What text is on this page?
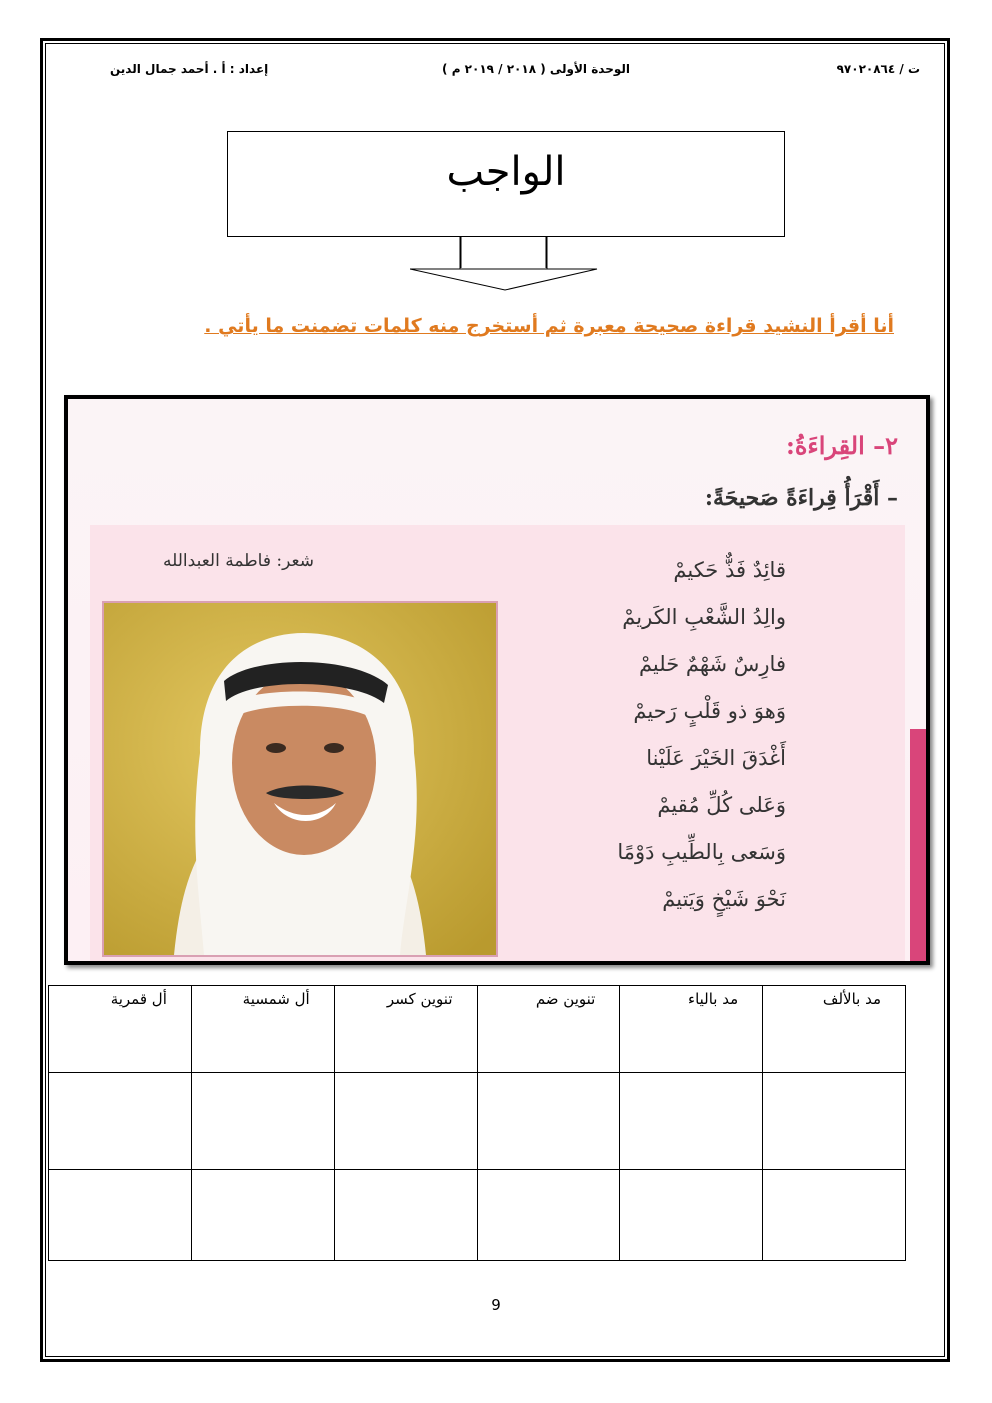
ت / ٩٧٠٢٠٨٦٤
الوحدة الأولى ( ٢٠١٨ / ٢٠١٩ م )
إعداد : أ . أحمد جمال الدين
الواجب
أنا أقرأ النشيد قراءة صحيحة معبرة ثم أستخرج منه كلمات تضمنت ما يأتي .
٢– القِراءَةُ:
– أَقْرَأُ قِراءَةً صَحيحَةً:
شعر: فاطمة العبدالله	قائِدٌ فَذٌّ حَكيمْ
والِدُ الشَّعْبِ الكَريمْ
فارِسٌ شَهْمٌ حَليمْ
وَهوَ ذو قَلْبٍ رَحيمْ
أَغْدَقَ الخَيْرَ عَلَيْنا
وَعَلى كُلِّ مُقيمْ
وَسَعى بِالطِّيبِ دَوْمًا
نَحْوَ شَيْخٍ وَيَتيمْ
مد بالألف	مد بالياء	تنوين ضم	تنوين كسر	أل شمسية	أل قمرية

9
